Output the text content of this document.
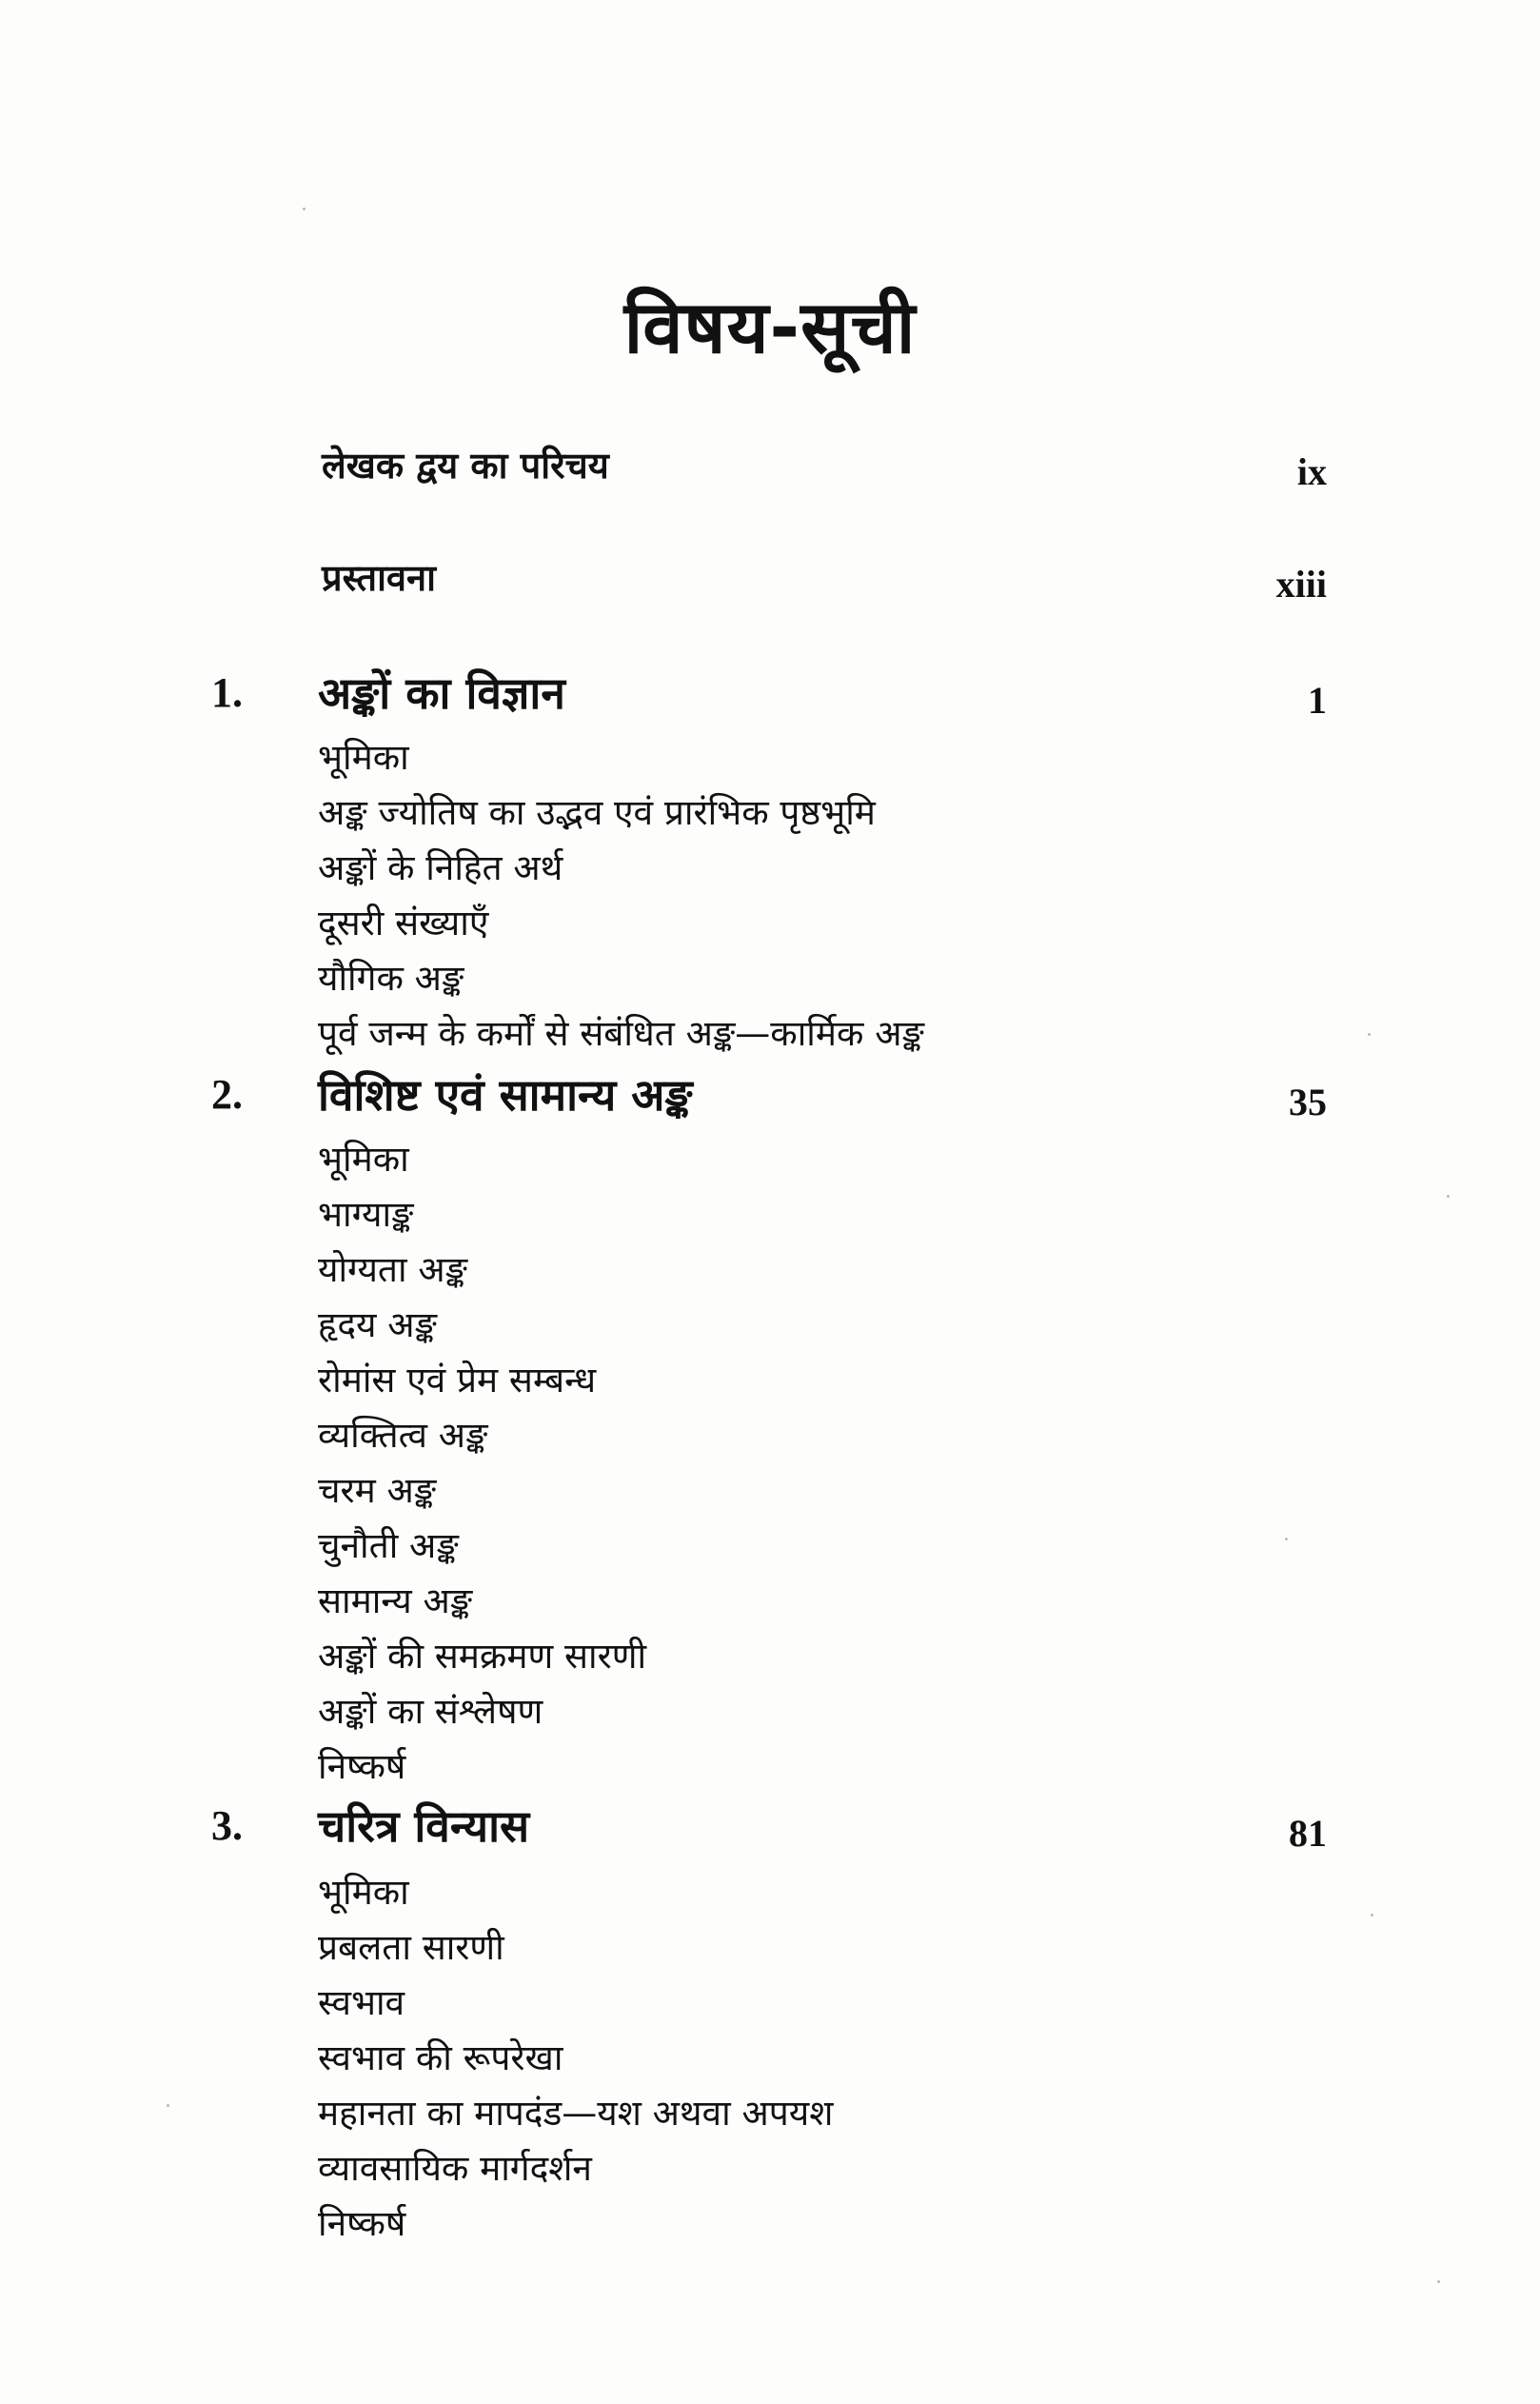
विषय-सूची
लेखक द्वय का परिचय	ix
प्रस्तावना	xiii
1. अङ्कों का विज्ञान	1
भूमिका
अङ्क ज्योतिष का उद्भव एवं प्रारंभिक पृष्ठभूमि
अङ्कों के निहित अर्थ
दूसरी संख्याएँ
यौगिक अङ्क
पूर्व जन्म के कर्मों से संबंधित अङ्क—कार्मिक अङ्क
2. विशिष्ट एवं सामान्य अङ्क	35
भूमिका
भाग्याङ्क
योग्यता अङ्क
हृदय अङ्क
रोमांस एवं प्रेम सम्बन्ध
व्यक्तित्व अङ्क
चरम अङ्क
चुनौती अङ्क
सामान्य अङ्क
अङ्कों की समक्रमण सारणी
अङ्कों का संश्लेषण
निष्कर्ष
3. चरित्र विन्यास	81
भूमिका
प्रबलता सारणी
स्वभाव
स्वभाव की रूपरेखा
महानता का मापदंड—यश अथवा अपयश
व्यावसायिक मार्गदर्शन
निष्कर्ष
